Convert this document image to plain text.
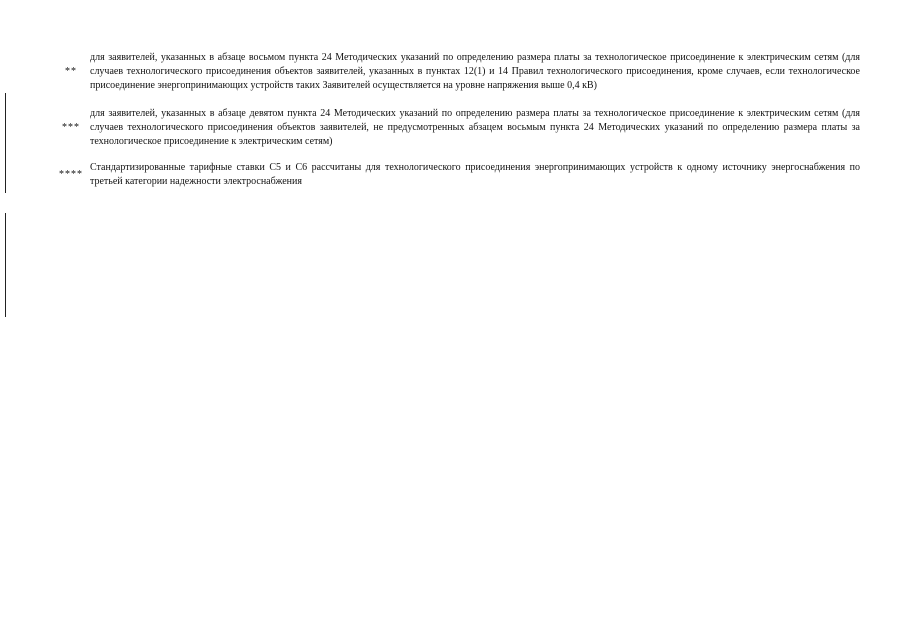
**
для заявителей, указанных в абзаце восьмом пункта 24 Методических указаний по определению размера платы за технологическое присоединение к электрическим сетям (для случаев технологического присоединения объектов заявителей, указанных в пунктах 12(1) и 14 Правил технологического присоединения, кроме случаев, если технологическое присоединение энергопринимающих устройств таких Заявителей осуществляется на уровне напряжения выше 0,4 кВ)
***
для заявителей, указанных в абзаце девятом пункта 24 Методических указаний по определению размера платы за технологическое присоединение к электрическим сетям (для случаев технологического присоединения объектов заявителей, не предусмотренных абзацем восьмым пункта 24 Методических указаний по определению размера платы за технологическое присоединение к электрическим сетям)
****
Стандартизированные тарифные ставки С5 и С6 рассчитаны для технологического присоединения энергопринимающих устройств к одному источнику энергоснабжения по третьей категории надежности электроснабжения
